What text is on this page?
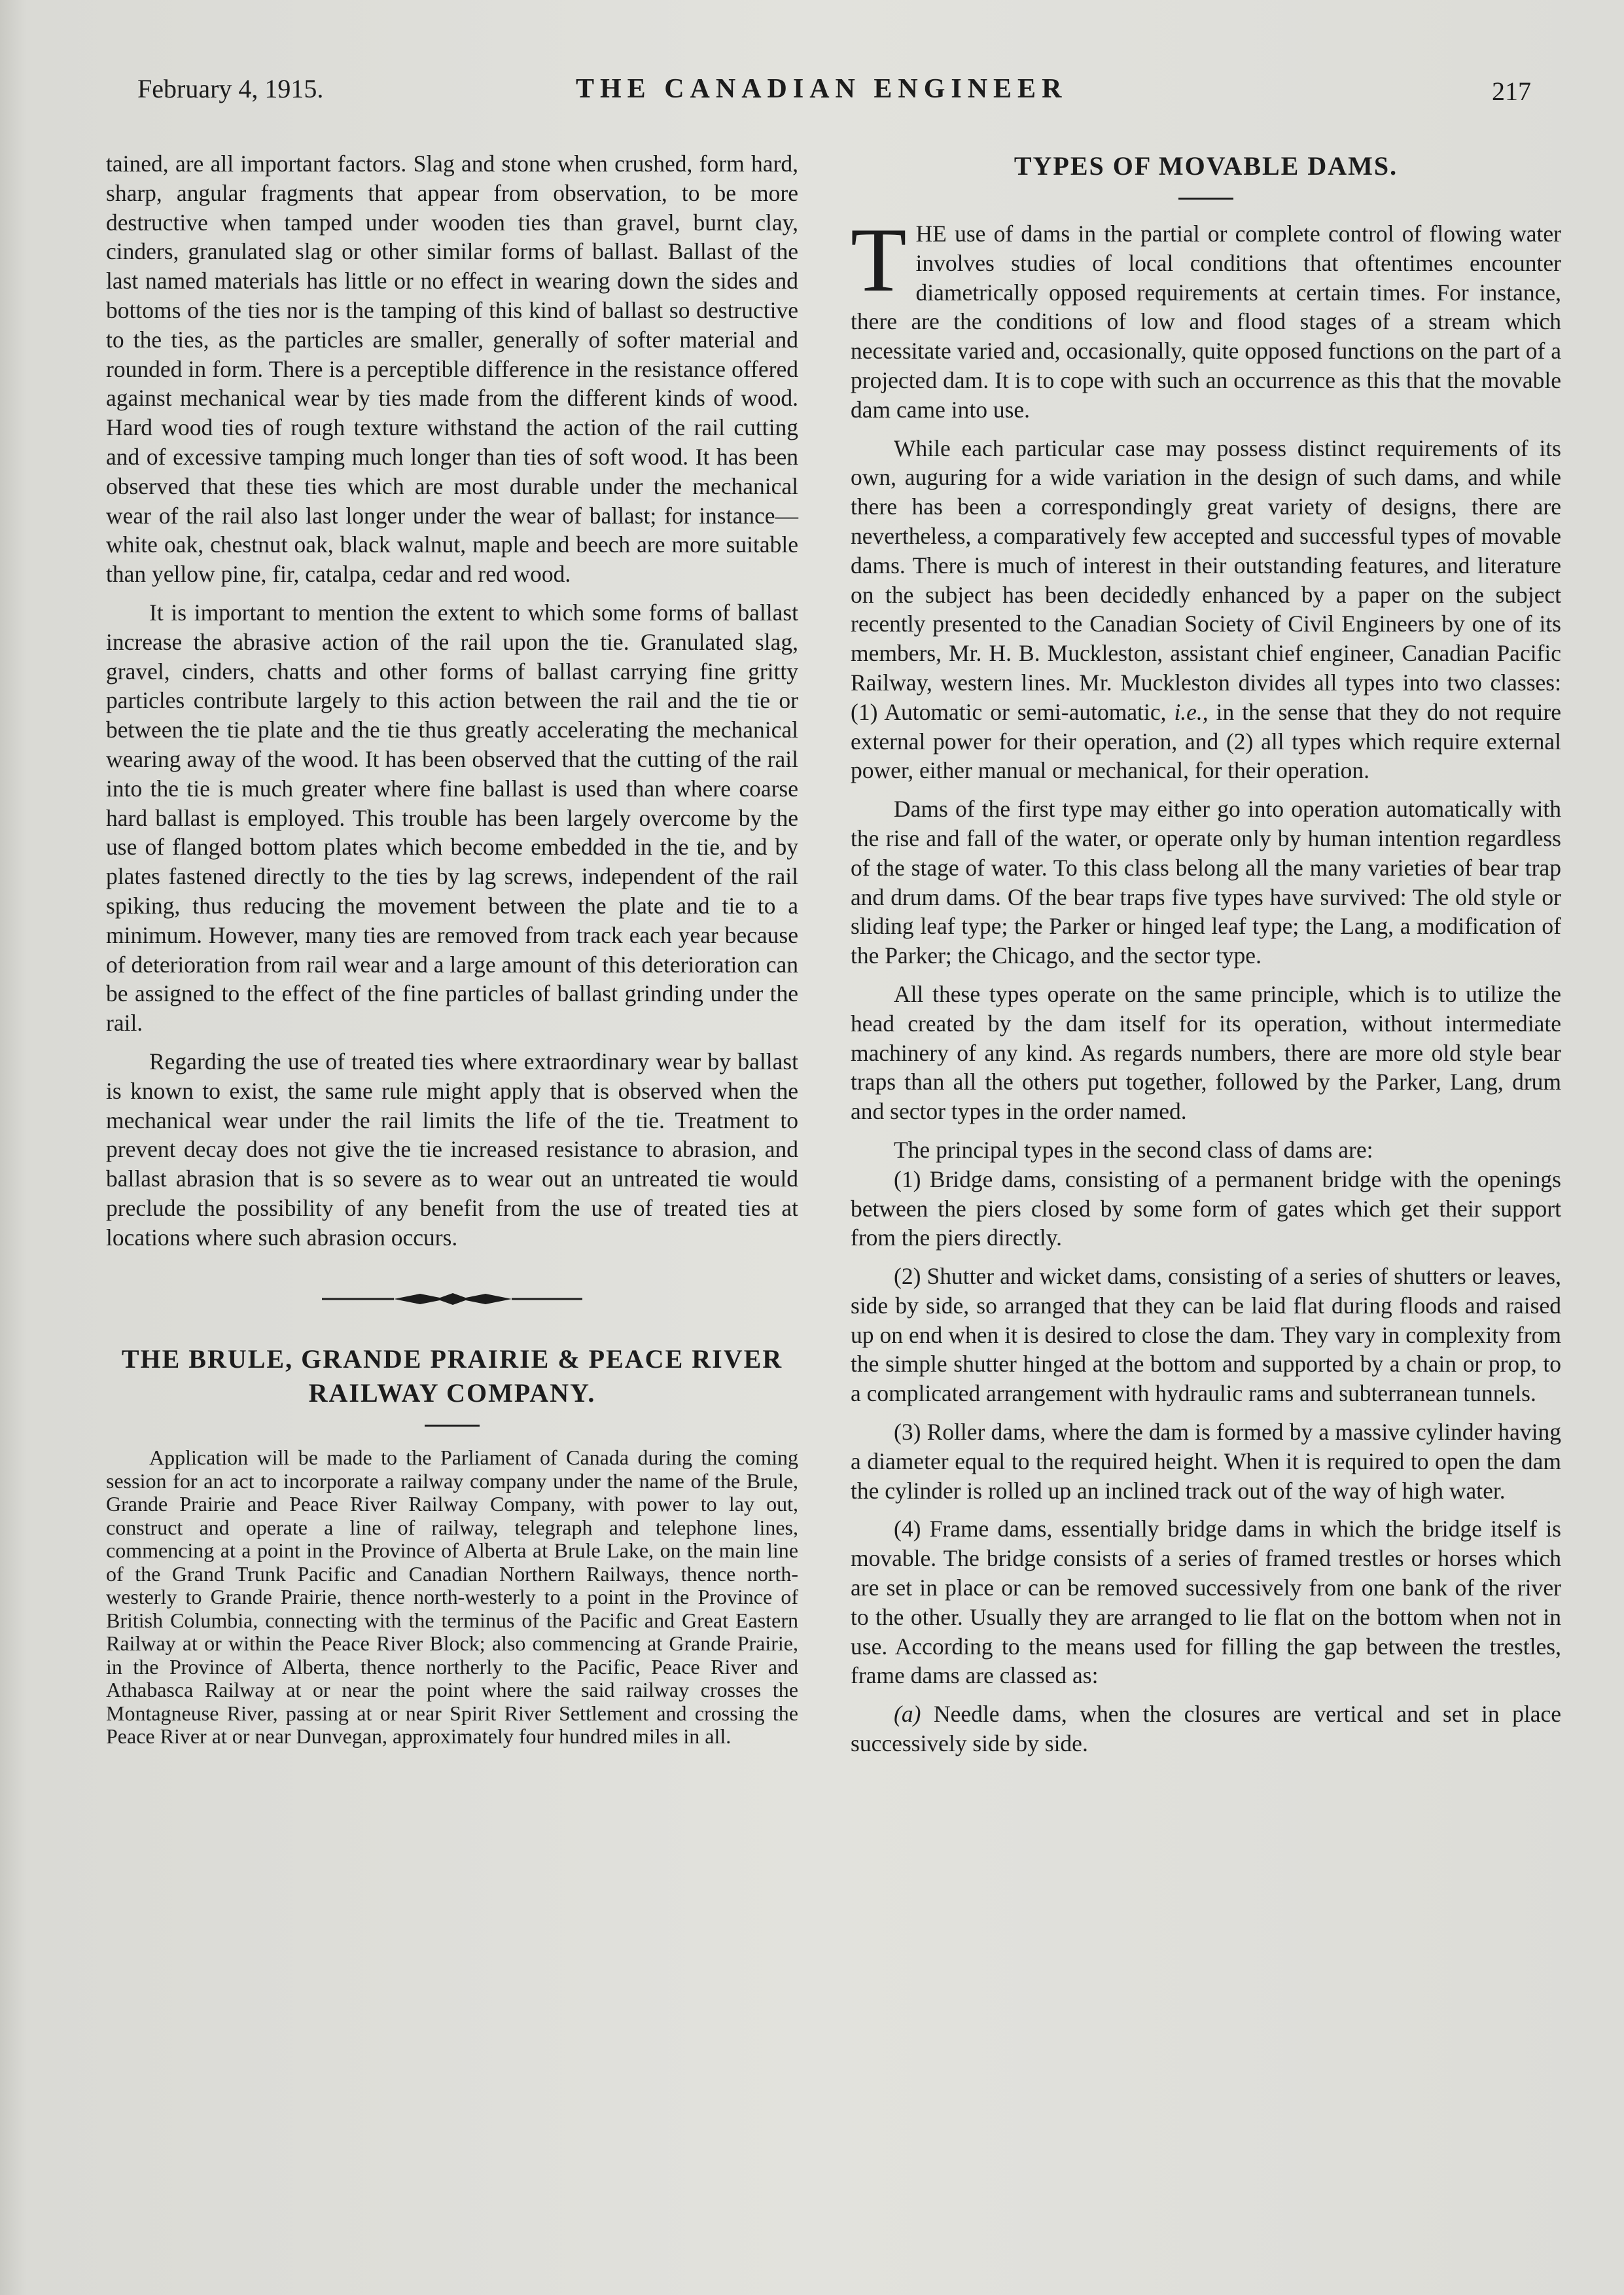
February 4, 1915.	THE CANADIAN ENGINEER	217

tained, are all important factors. Slag and stone when crushed, form hard, sharp, angular fragments that appear from observation, to be more destructive when tamped under wooden ties than gravel, burnt clay, cinders, granulated slag or other similar forms of ballast. Ballast of the last named materials has little or no effect in wearing down the sides and bottoms of the ties nor is the tamping of this kind of ballast so destructive to the ties, as the particles are smaller, generally of softer material and rounded in form. There is a perceptible difference in the resistance offered against mechanical wear by ties made from the different kinds of wood. Hard wood ties of rough texture withstand the action of the rail cutting and of excessive tamping much longer than ties of soft wood. It has been observed that these ties which are most durable under the mechanical wear of the rail also last longer under the wear of ballast; for instance—white oak, chestnut oak, black walnut, maple and beech are more suitable than yellow pine, fir, catalpa, cedar and red wood.

It is important to mention the extent to which some forms of ballast increase the abrasive action of the rail upon the tie. Granulated slag, gravel, cinders, chatts and other forms of ballast carrying fine gritty particles contribute largely to this action between the rail and the tie or between the tie plate and the tie thus greatly accelerating the mechanical wearing away of the wood. It has been observed that the cutting of the rail into the tie is much greater where fine ballast is used than where coarse hard ballast is employed. This trouble has been largely overcome by the use of flanged bottom plates which become embedded in the tie, and by plates fastened directly to the ties by lag screws, independent of the rail spiking, thus reducing the movement between the plate and tie to a minimum. However, many ties are removed from track each year because of deterioration from rail wear and a large amount of this deterioration can be assigned to the effect of the fine particles of ballast grinding under the rail.

Regarding the use of treated ties where extraordinary wear by ballast is known to exist, the same rule might apply that is observed when the mechanical wear under the rail limits the life of the tie. Treatment to prevent decay does not give the tie increased resistance to abrasion, and ballast abrasion that is so severe as to wear out an untreated tie would preclude the possibility of any benefit from the use of treated ties at locations where such abrasion occurs.

THE BRULE, GRANDE PRAIRIE & PEACE RIVER RAILWAY COMPANY.

Application will be made to the Parliament of Canada during the coming session for an act to incorporate a railway company under the name of the Brule, Grande Prairie and Peace River Railway Company, with power to lay out, construct and operate a line of railway, telegraph and telephone lines, commencing at a point in the Province of Alberta at Brule Lake, on the main line of the Grand Trunk Pacific and Canadian Northern Railways, thence north-westerly to Grande Prairie, thence north-westerly to a point in the Province of British Columbia, connecting with the terminus of the Pacific and Great Eastern Railway at or within the Peace River Block; also commencing at Grande Prairie, in the Province of Alberta, thence northerly to the Pacific, Peace River and Athabasca Railway at or near the point where the said railway crosses the Montagneuse River, passing at or near Spirit River Settlement and crossing the Peace River at or near Dunvegan, approximately four hundred miles in all.

TYPES OF MOVABLE DAMS.

THE use of dams in the partial or complete control of flowing water involves studies of local conditions that oftentimes encounter diametrically opposed requirements at certain times. For instance, there are the conditions of low and flood stages of a stream which necessitate varied and, occasionally, quite opposed functions on the part of a projected dam. It is to cope with such an occurrence as this that the movable dam came into use.

While each particular case may possess distinct requirements of its own, auguring for a wide variation in the design of such dams, and while there has been a correspondingly great variety of designs, there are nevertheless, a comparatively few accepted and successful types of movable dams. There is much of interest in their outstanding features, and literature on the subject has been decidedly enhanced by a paper on the subject recently presented to the Canadian Society of Civil Engineers by one of its members, Mr. H. B. Muckleston, assistant chief engineer, Canadian Pacific Railway, western lines. Mr. Muckleston divides all types into two classes: (1) Automatic or semi-automatic, i.e., in the sense that they do not require external power for their operation, and (2) all types which require external power, either manual or mechanical, for their operation.

Dams of the first type may either go into operation automatically with the rise and fall of the water, or operate only by human intention regardless of the stage of water. To this class belong all the many varieties of bear trap and drum dams. Of the bear traps five types have survived: The old style or sliding leaf type; the Parker or hinged leaf type; the Lang, a modification of the Parker; the Chicago, and the sector type.

All these types operate on the same principle, which is to utilize the head created by the dam itself for its operation, without intermediate machinery of any kind. As regards numbers, there are more old style bear traps than all the others put together, followed by the Parker, Lang, drum and sector types in the order named.

The principal types in the second class of dams are:

(1) Bridge dams, consisting of a permanent bridge with the openings between the piers closed by some form of gates which get their support from the piers directly.

(2) Shutter and wicket dams, consisting of a series of shutters or leaves, side by side, so arranged that they can be laid flat during floods and raised up on end when it is desired to close the dam. They vary in complexity from the simple shutter hinged at the bottom and supported by a chain or prop, to a complicated arrangement with hydraulic rams and subterranean tunnels.

(3) Roller dams, where the dam is formed by a massive cylinder having a diameter equal to the required height. When it is required to open the dam the cylinder is rolled up an inclined track out of the way of high water.

(4) Frame dams, essentially bridge dams in which the bridge itself is movable. The bridge consists of a series of framed trestles or horses which are set in place or can be removed successively from one bank of the river to the other. Usually they are arranged to lie flat on the bottom when not in use. According to the means used for filling the gap between the trestles, frame dams are classed as:

(a) Needle dams, when the closures are vertical and set in place successively side by side.
